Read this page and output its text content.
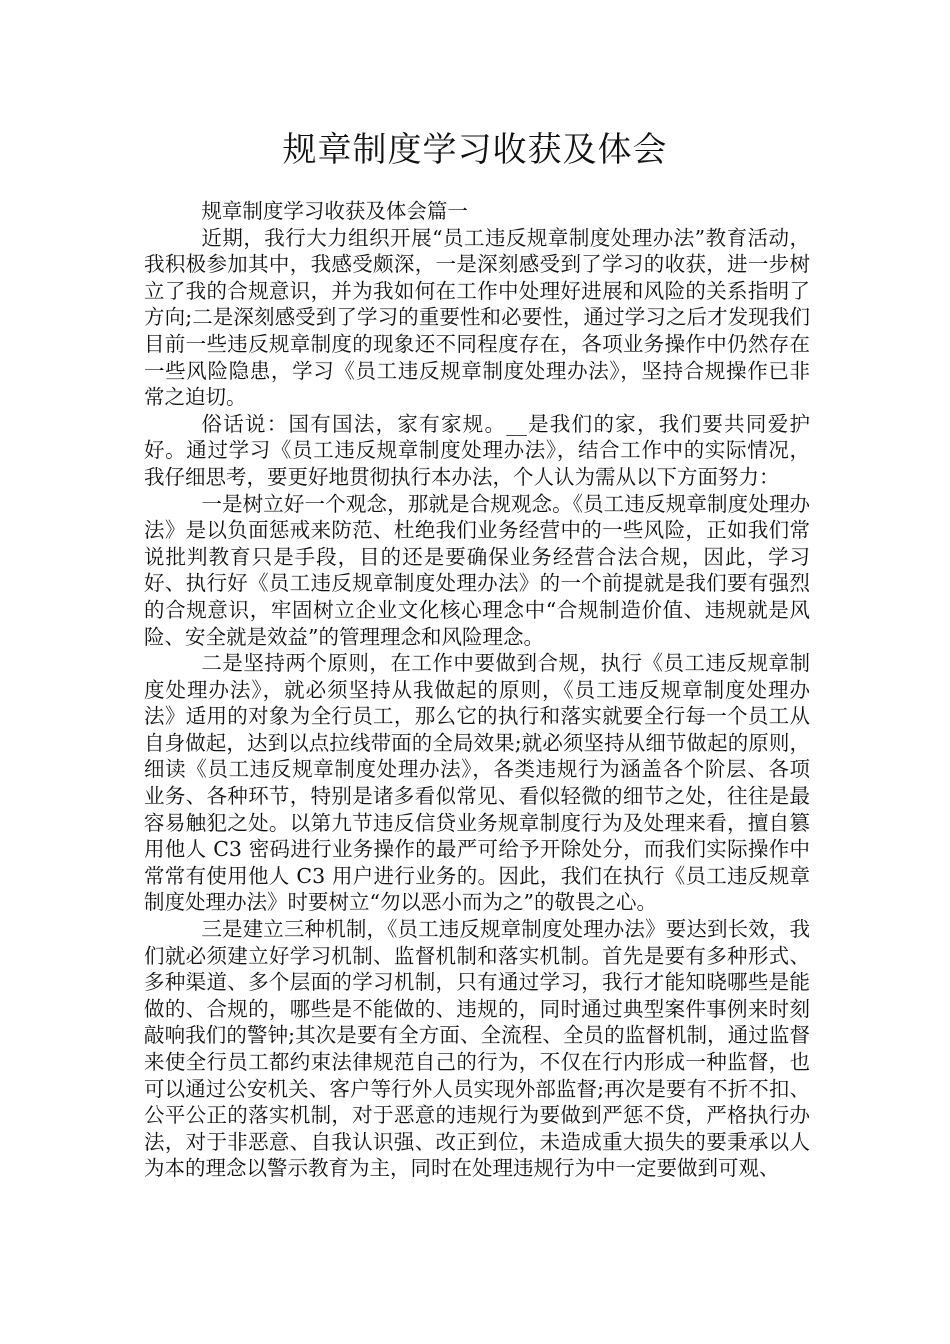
规章制度学习收获及体会

规章制度学习收获及体会篇一

近期，我行大力组织开展“员工违反规章制度处理办法”教育活动，我积极参加其中，我感受颇深，一是深刻感受到了学习的收获，进一步树立了我的合规意识，并为我如何在工作中处理好进展和风险的关系指明了方向;二是深刻感受到了学习的重要性和必要性，通过学习之后才发现我们目前一些违反规章制度的现象还不同程度存在，各项业务操作中仍然存在一些风险隐患，学习《员工违反规章制度处理办法》，坚持合规操作已非常之迫切。

俗话说：国有国法，家有家规。__是我们的家，我们要共同爱护好。通过学习《员工违反规章制度处理办法》，结合工作中的实际情况，我仔细思考，要更好地贯彻执行本办法，个人认为需从以下方面努力：

一是树立好一个观念，那就是合规观念。《员工违反规章制度处理办法》是以负面惩戒来防范、杜绝我们业务经营中的一些风险，正如我们常说批判教育只是手段，目的还是要确保业务经营合法合规，因此，学习好、执行好《员工违反规章制度处理办法》的一个前提就是我们要有强烈的合规意识，牢固树立企业文化核心理念中“合规制造价值、违规就是风险、安全就是效益”的管理理念和风险理念。

二是坚持两个原则，在工作中要做到合规，执行《员工违反规章制度处理办法》，就必须坚持从我做起的原则，《员工违反规章制度处理办法》适用的对象为全行员工，那么它的执行和落实就要全行每一个员工从自身做起，达到以点拉线带面的全局效果;就必须坚持从细节做起的原则，细读《员工违反规章制度处理办法》，各类违规行为涵盖各个阶层、各项业务、各种环节，特别是诸多看似常见、看似轻微的细节之处，往往是最容易触犯之处。以第九节违反信贷业务规章制度行为及处理来看，擅自篡用他人 C3 密码进行业务操作的最严可给予开除处分，而我们实际操作中常常有使用他人 C3 用户进行业务的。因此，我们在执行《员工违反规章制度处理办法》时要树立“勿以恶小而为之”的敬畏之心。

三是建立三种机制，《员工违反规章制度处理办法》要达到长效，我们就必须建立好学习机制、监督机制和落实机制。首先是要有多种形式、多种渠道、多个层面的学习机制，只有通过学习，我行才能知晓哪些是能做的、合规的，哪些是不能做的、违规的，同时通过典型案件事例来时刻敲响我们的警钟;其次是要有全方面、全流程、全员的监督机制，通过监督来使全行员工都约束法律规范自己的行为，不仅在行内形成一种监督，也可以通过公安机关、客户等行外人员实现外部监督;再次是要有不折不扣、公平公正的落实机制，对于恶意的违规行为要做到严惩不贷，严格执行办法，对于非恶意、自我认识强、改正到位，未造成重大损失的要秉承以人为本的理念以警示教育为主，同时在处理违规行为中一定要做到可观、
